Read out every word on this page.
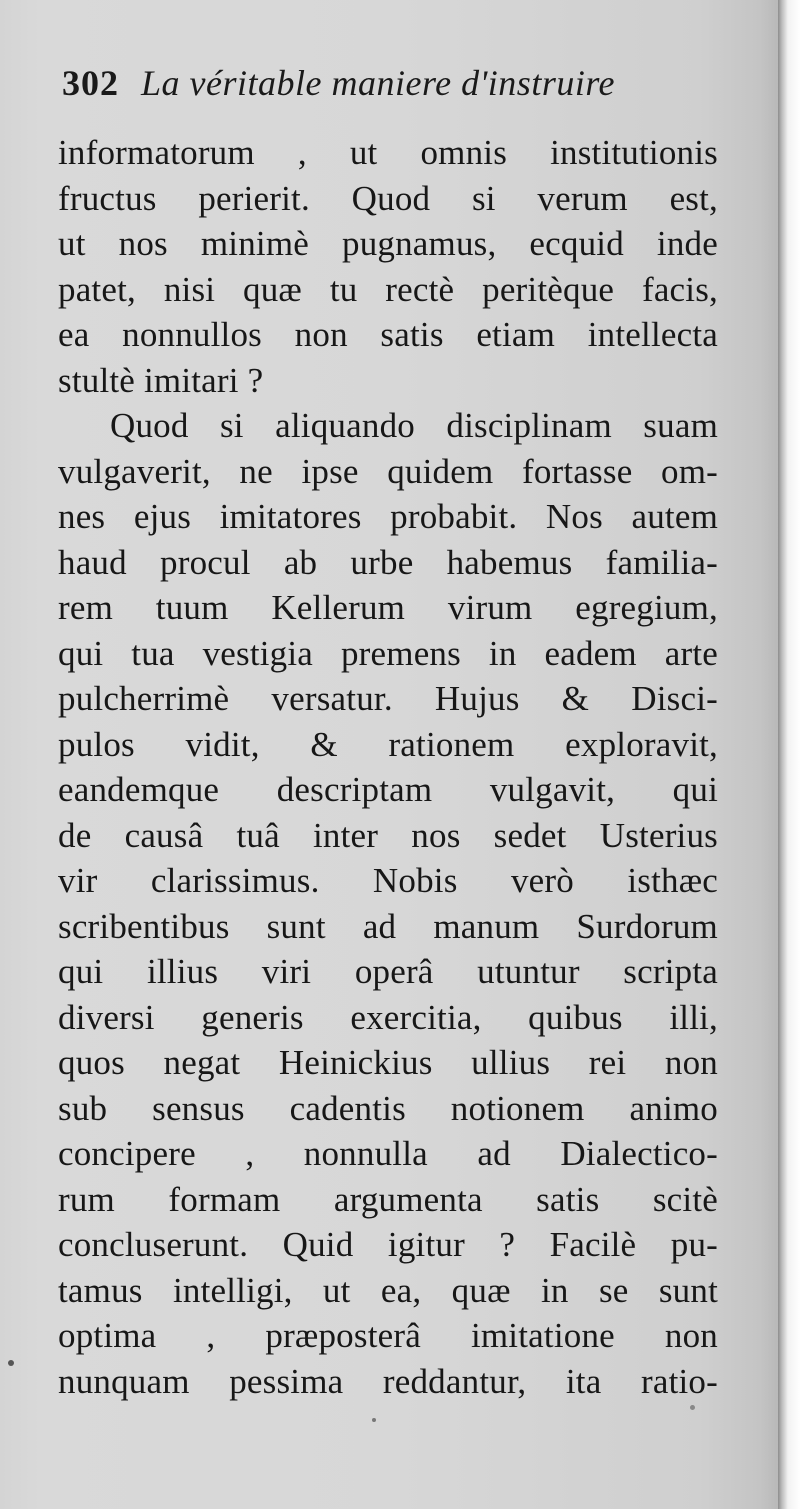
302 La véritable maniere d'instruire
informatorum , ut omnis institutionis
fructus perierit. Quod si verum est,
ut nos minimè pugnamus, ecquid inde
patet, nisi quæ tu rectè peritèque facis,
ea nonnullos non satis etiam intellecta
stultè imitari ?
Quod si aliquando disciplinam suam
vulgaverit, ne ipse quidem fortasse om-
nes ejus imitatores probabit. Nos autem
haud procul ab urbe habemus familia-
rem tuum Kellerum virum egregium,
qui tua vestigia premens in eadem arte
pulcherrimè versatur. Hujus & Disci-
pulos vidit, & rationem exploravit,
eandemque descriptam vulgavit, qui
de causâ tuâ inter nos sedet Usterius
vir clarissimus. Nobis verò isthæc
scribentibus sunt ad manum Surdorum
qui illius viri operâ utuntur scripta
diversi generis exercitia, quibus illi,
quos negat Heinickius ullius rei non
sub sensus cadentis notionem animo
concipere , nonnulla ad Dialectico-
rum formam argumenta satis scitè
concluserunt. Quid igitur ? Facilè pu-
tamus intelligi, ut ea, quæ in se sunt
optima , præposterâ imitatione non
nunquam pessima reddantur, ita ratio-
